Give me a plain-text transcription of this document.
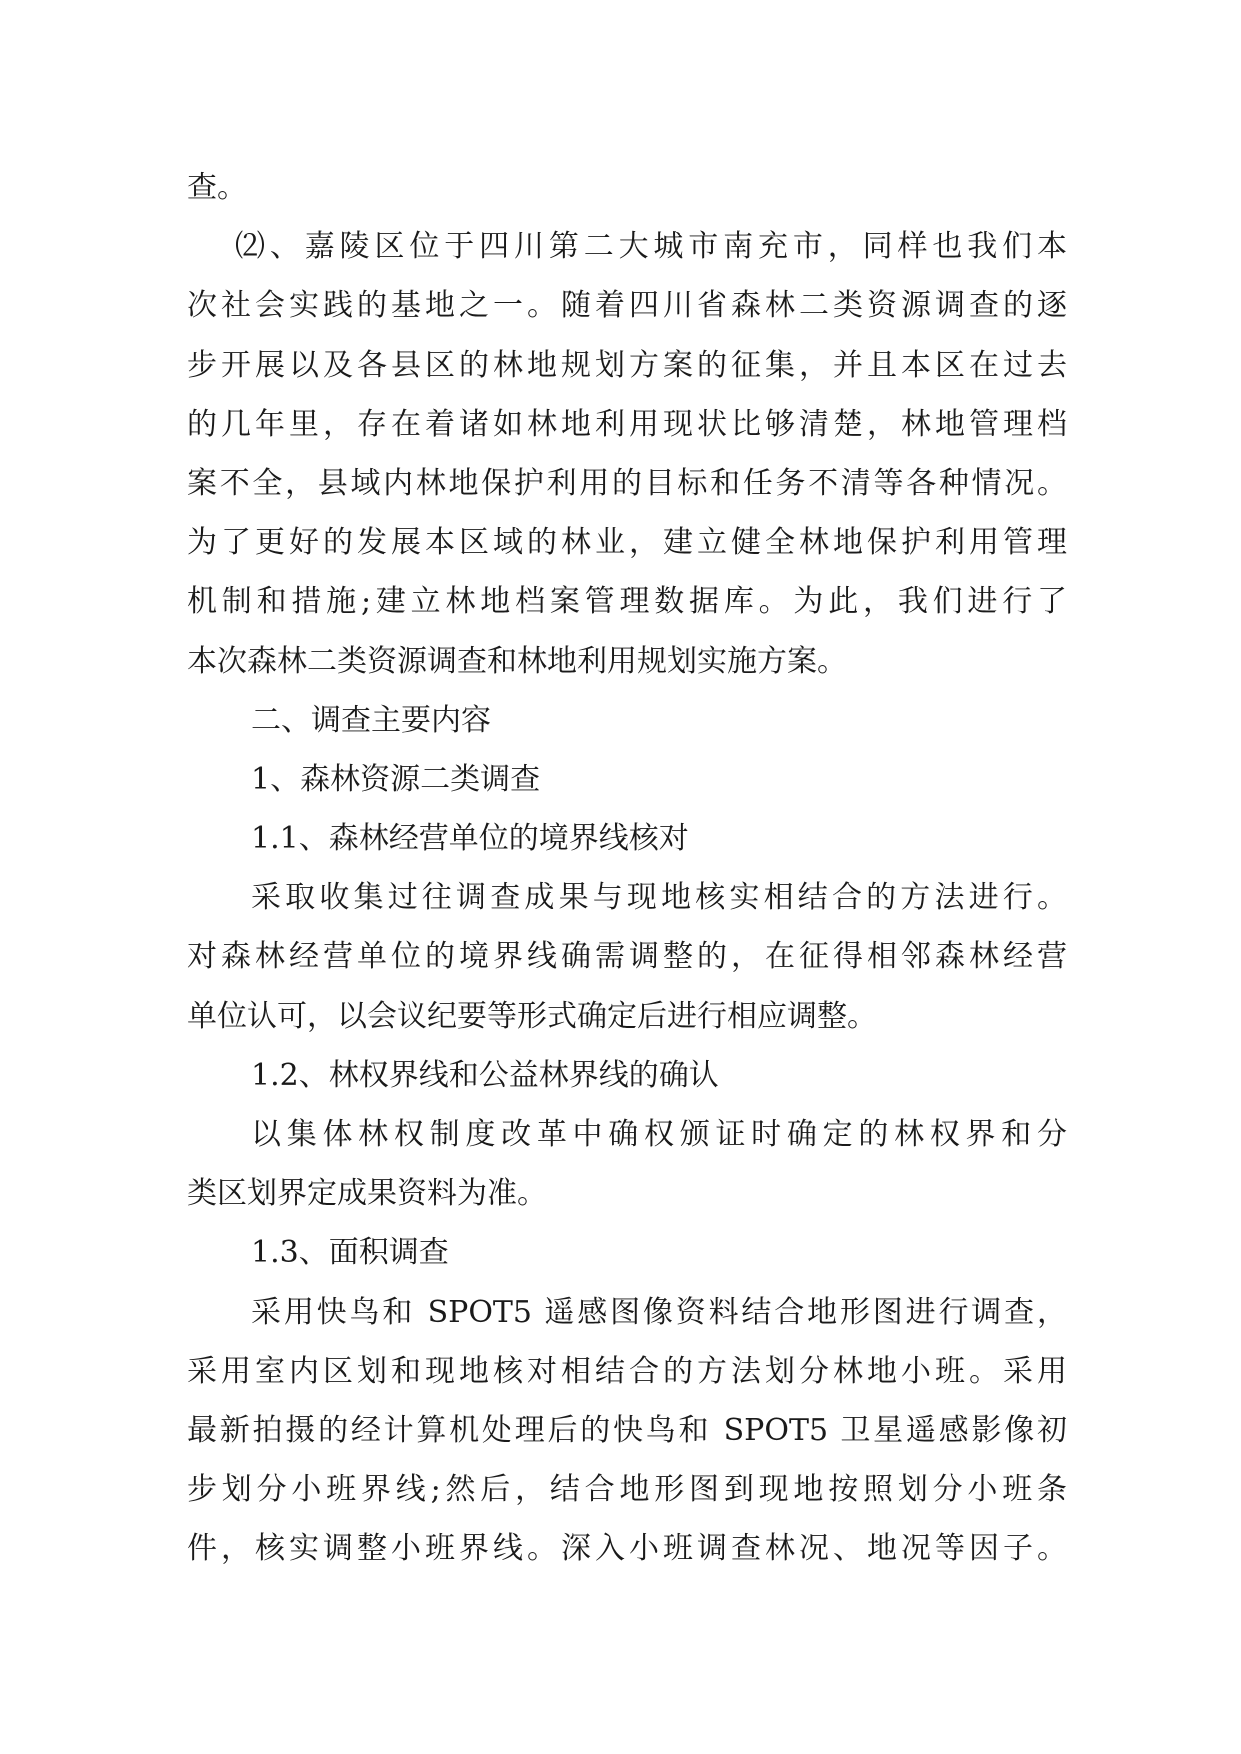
查。
⑵、嘉陵区位于四川第二大城市南充市，同样也我们本
次社会实践的基地之一。随着四川省森林二类资源调查的逐
步开展以及各县区的林地规划方案的征集，并且本区在过去
的几年里，存在着诸如林地利用现状比够清楚，林地管理档
案不全，县域内林地保护利用的目标和任务不清等各种情况。
为了更好的发展本区域的林业，建立健全林地保护利用管理
机制和措施;建立林地档案管理数据库。为此，我们进行了
本次森林二类资源调查和林地利用规划实施方案。
二、调查主要内容
1、森林资源二类调查
1.1、森林经营单位的境界线核对
采取收集过往调查成果与现地核实相结合的方法进行。
对森林经营单位的境界线确需调整的，在征得相邻森林经营
单位认可，以会议纪要等形式确定后进行相应调整。
1.2、林权界线和公益林界线的确认
以集体林权制度改革中确权颁证时确定的林权界和分
类区划界定成果资料为准。
1.3、面积调查
采用快鸟和 SPOT5 遥感图像资料结合地形图进行调查，
采用室内区划和现地核对相结合的方法划分林地小班。采用
最新拍摄的经计算机处理后的快鸟和 SPOT5 卫星遥感影像初
步划分小班界线;然后，结合地形图到现地按照划分小班条
件，核实调整小班界线。深入小班调查林况、地况等因子。
